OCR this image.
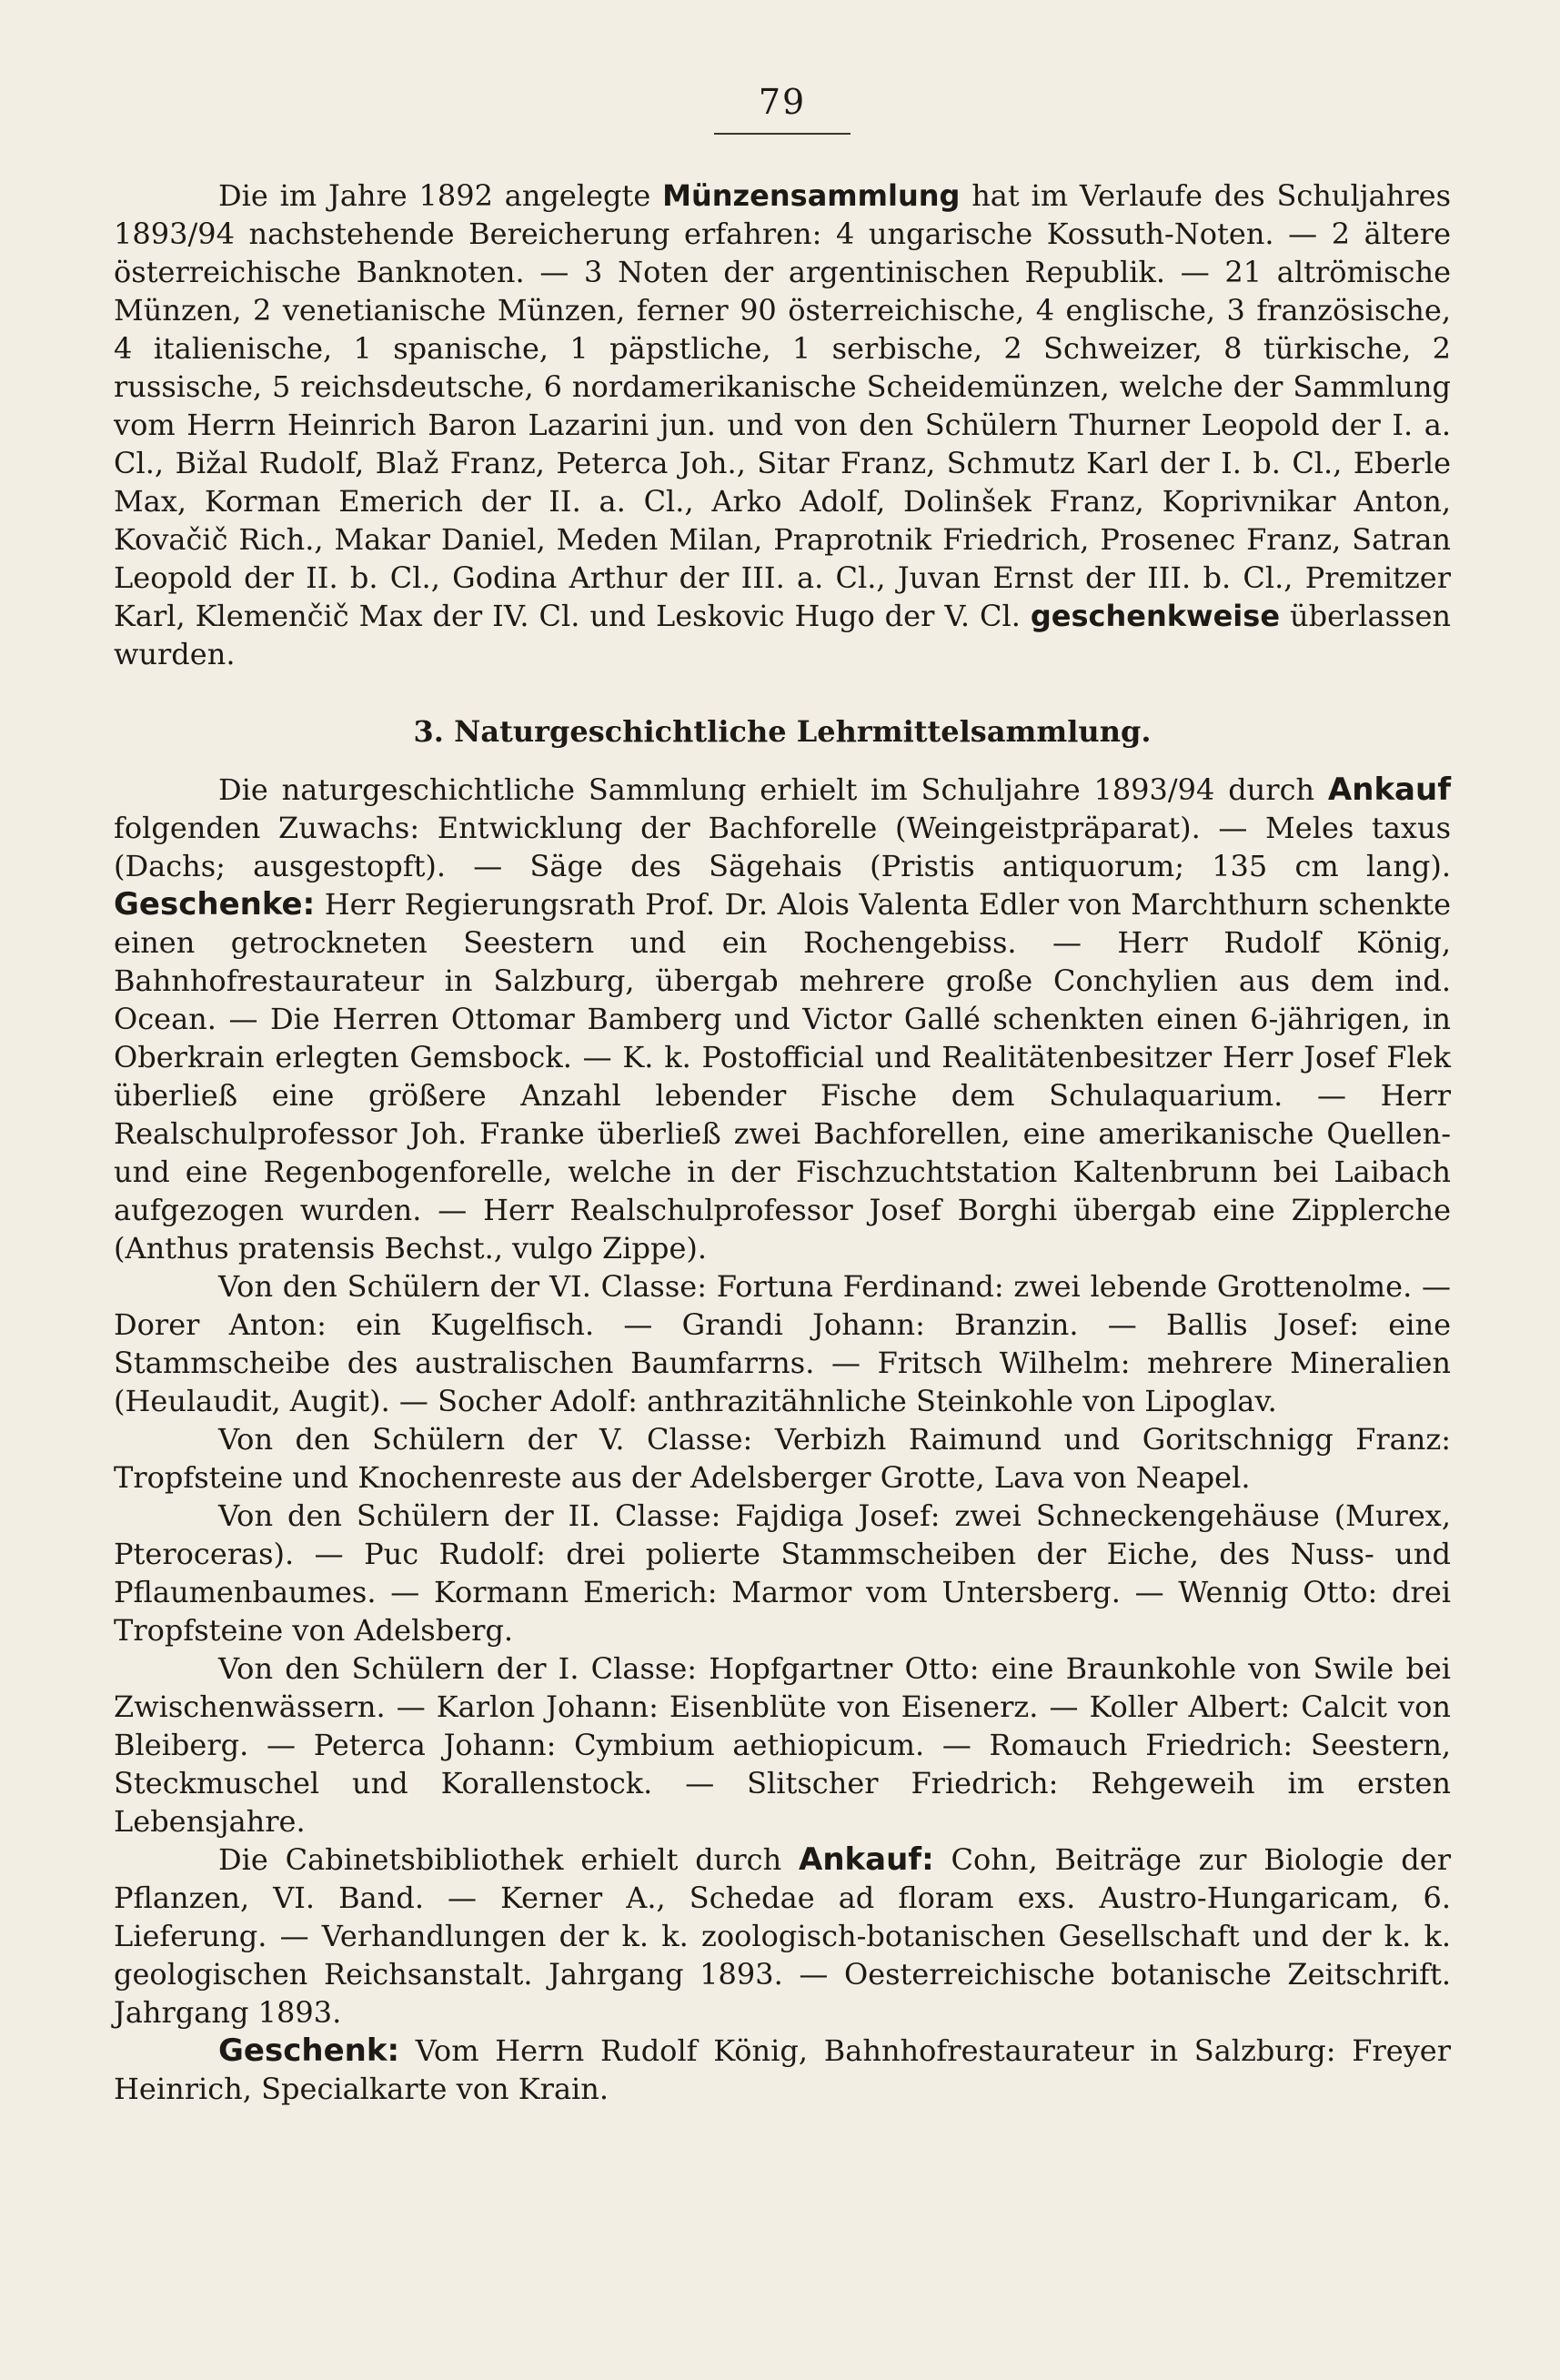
79

Die im Jahre 1892 angelegte Münzensammlung hat im Verlaufe des Schuljahres 1893/94 nachstehende Bereicherung erfahren: 4 ungarische Kossuth-Noten. — 2 ältere österreichische Banknoten. — 3 Noten der argentinischen Republik. — 21 altrömische Münzen, 2 venetianische Münzen, ferner 90 österreichische, 4 englische, 3 französische, 4 italienische, 1 spanische, 1 päpstliche, 1 serbische, 2 Schweizer, 8 türkische, 2 russische, 5 reichsdeutsche, 6 nordamerikanische Scheidemünzen, welche der Sammlung vom Herrn Heinrich Baron Lazarini jun. und von den Schülern Thurner Leopold der I. a. Cl., Bižal Rudolf, Blaž Franz, Peterca Joh., Sitar Franz, Schmutz Karl der I. b. Cl., Eberle Max, Korman Emerich der II. a. Cl., Arko Adolf, Dolinšek Franz, Koprivnikar Anton, Kovačič Rich., Makar Daniel, Meden Milan, Praprotnik Friedrich, Prosenec Franz, Satran Leopold der II. b. Cl., Godina Arthur der III. a. Cl., Juvan Ernst der III. b. Cl., Premitzer Karl, Klemenčič Max der IV. Cl. und Leskovic Hugo der V. Cl. geschenkweise überlassen wurden.

3. Naturgeschichtliche Lehrmittelsammlung.

Die naturgeschichtliche Sammlung erhielt im Schuljahre 1893/94 durch Ankauf folgenden Zuwachs: Entwicklung der Bachforelle (Weingeistpräparat). — Meles taxus (Dachs; ausgestopft). — Säge des Sägehais (Pristis antiquorum; 135 cm lang). Geschenke: Herr Regierungsrath Prof. Dr. Alois Valenta Edler von Marchthurn schenkte einen getrockneten Seestern und ein Rochengebiss. — Herr Rudolf König, Bahnhofrestaurateur in Salzburg, übergab mehrere große Conchylien aus dem ind. Ocean. — Die Herren Ottomar Bamberg und Victor Gallé schenkten einen 6-jährigen, in Oberkrain erlegten Gemsbock. — K. k. Postofficial und Realitätenbesitzer Herr Josef Flek überließ eine größere Anzahl lebender Fische dem Schulaquarium. — Herr Realschulprofessor Joh. Franke überließ zwei Bachforellen, eine amerikanische Quellen- und eine Regenbogenforelle, welche in der Fischzuchtstation Kaltenbrunn bei Laibach aufgezogen wurden. — Herr Realschulprofessor Josef Borghi übergab eine Zipplerche (Anthus pratensis Bechst., vulgo Zippe).

Von den Schülern der VI. Classe: Fortuna Ferdinand: zwei lebende Grottenolme. — Dorer Anton: ein Kugelfisch. — Grandi Johann: Branzin. — Ballis Josef: eine Stammscheibe des australischen Baumfarrns. — Fritsch Wilhelm: mehrere Mineralien (Heulaudit, Augit). — Socher Adolf: anthrazitähnliche Steinkohle von Lipoglav.

Von den Schülern der V. Classe: Verbizh Raimund und Goritschnigg Franz: Tropfsteine und Knochenreste aus der Adelsberger Grotte, Lava von Neapel.

Von den Schülern der II. Classe: Fajdiga Josef: zwei Schneckengehäuse (Murex, Pteroceras). — Puc Rudolf: drei polierte Stammscheiben der Eiche, des Nuss- und Pflaumenbaumes. — Kormann Emerich: Marmor vom Untersberg. — Wennig Otto: drei Tropfsteine von Adelsberg.

Von den Schülern der I. Classe: Hopfgartner Otto: eine Braunkohle von Swile bei Zwischenwässern. — Karlon Johann: Eisenblüte von Eisenerz. — Koller Albert: Calcit von Bleiberg. — Peterca Johann: Cymbium aethiopicum. — Romauch Friedrich: Seestern, Steckmuschel und Korallenstock. — Slitscher Friedrich: Rehgeweih im ersten Lebensjahre.

Die Cabinetsbibliothek erhielt durch Ankauf: Cohn, Beiträge zur Biologie der Pflanzen, VI. Band. — Kerner A., Schedae ad floram exs. Austro-Hungaricam, 6. Lieferung. — Verhandlungen der k. k. zoologisch-botanischen Gesellschaft und der k. k. geologischen Reichsanstalt. Jahrgang 1893. — Oesterreichische botanische Zeitschrift. Jahrgang 1893.

Geschenk: Vom Herrn Rudolf König, Bahnhofrestaurateur in Salzburg: Freyer Heinrich, Specialkarte von Krain.
